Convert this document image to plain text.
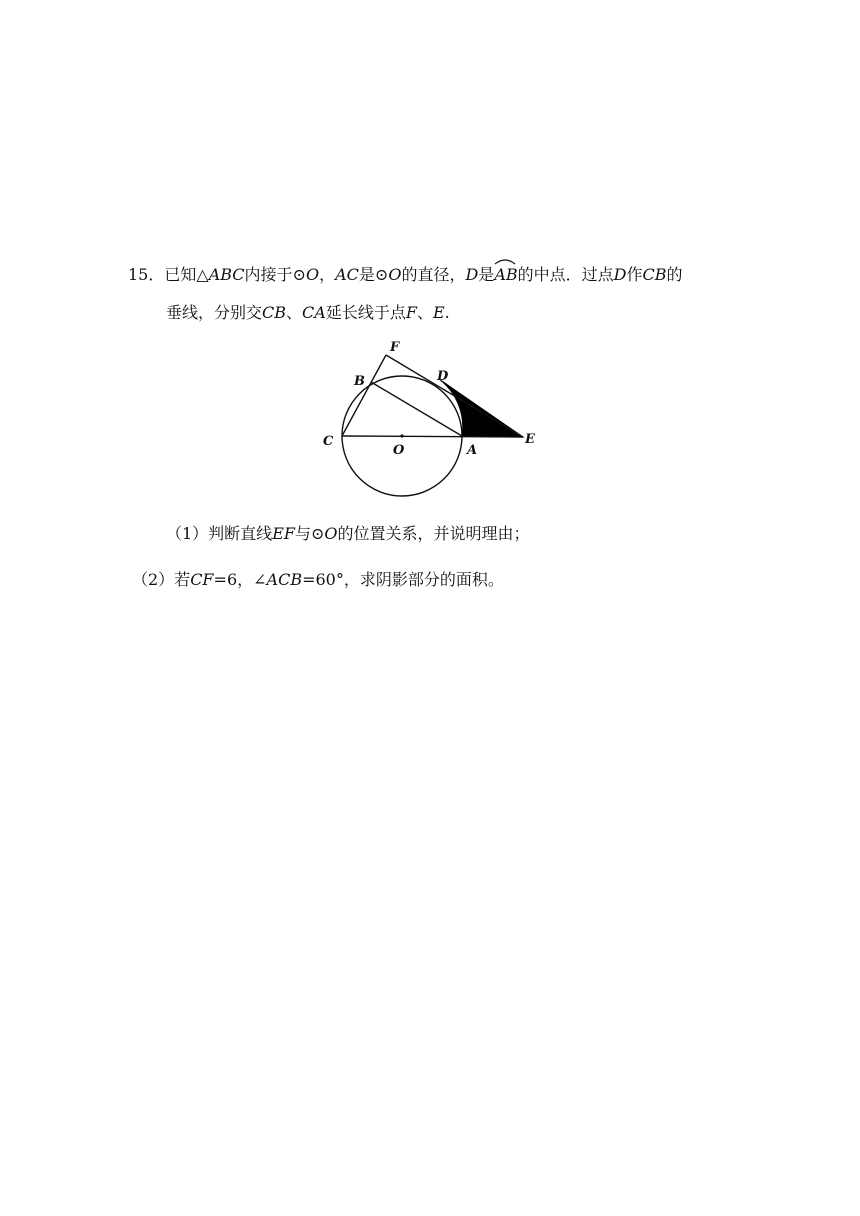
15．已知△ABC内接于⊙O，AC是⊙O的直径，D是
AB的中点．过点D作CB的
垂线，分别交CB、CA延长线于点F、E.
F
B	D
C
O	A
E
（1）判断直线EF与⊙O的位置关系，并说明理由；
（2）若CF=6，∠ACB=60°，求阴影部分的面积。
